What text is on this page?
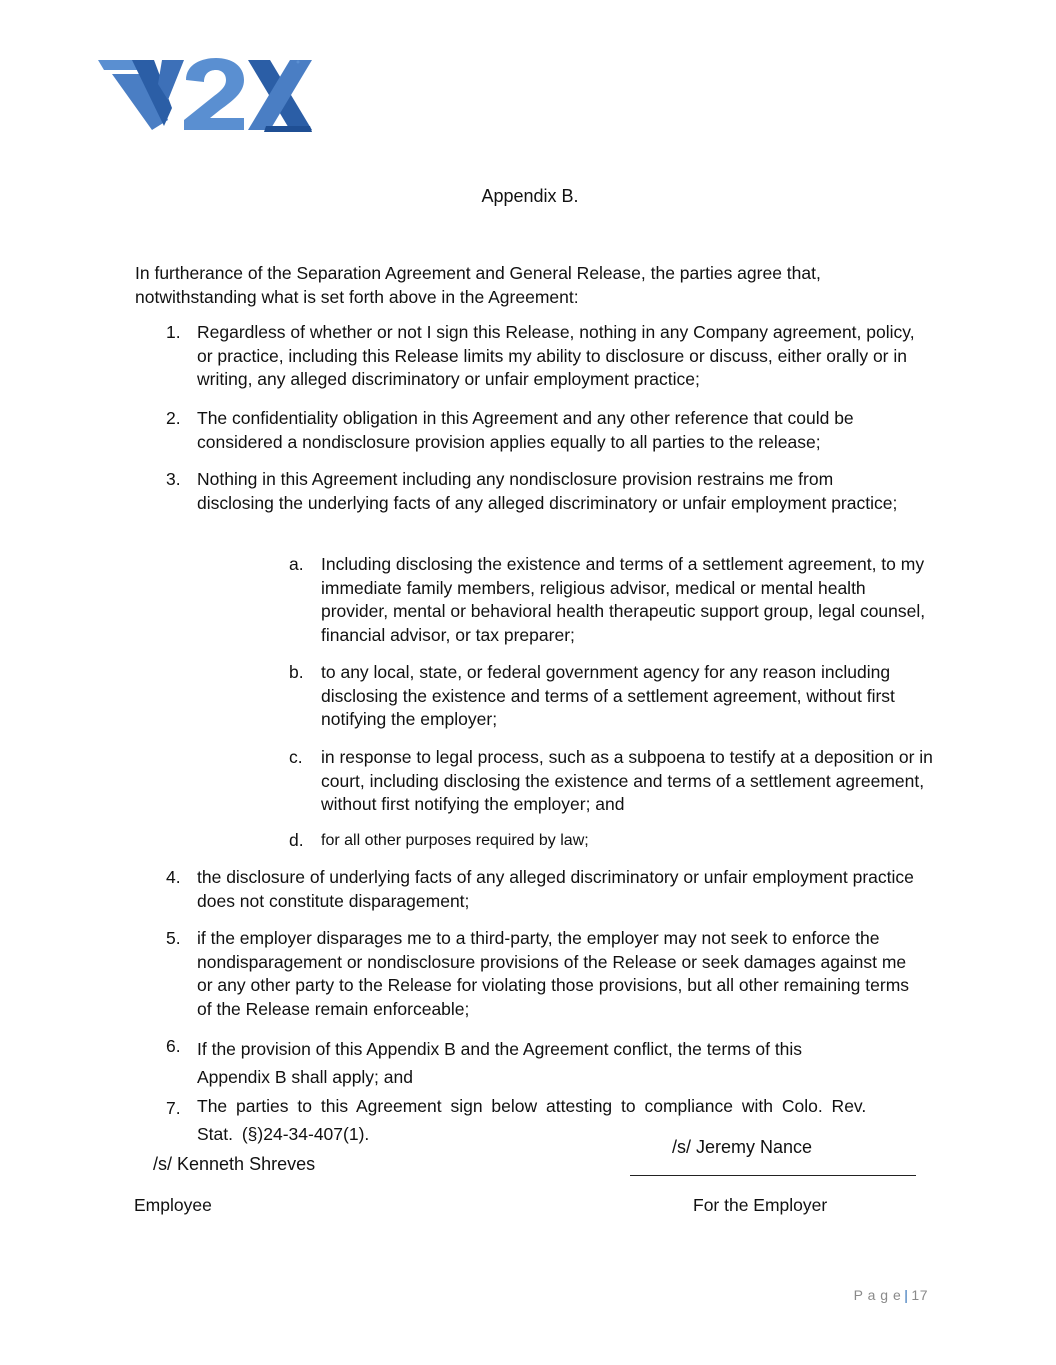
V2X
Appendix B.
In furtherance of the Separation Agreement and General Release, the parties agree that, notwithstanding what is set forth above in the Agreement:
1. Regardless of whether or not I sign this Release, nothing in any Company agreement, policy, or practice, including this Release limits my ability to disclosure or discuss, either orally or in writing, any alleged discriminatory or unfair employment practice;
2. The confidentiality obligation in this Agreement and any other reference that could be considered a nondisclosure provision applies equally to all parties to the release;
3. Nothing in this Agreement including any nondisclosure provision restrains me from disclosing the underlying facts of any alleged discriminatory or unfair employment practice;
a. Including disclosing the existence and terms of a settlement agreement, to my immediate family members, religious advisor, medical or mental health provider, mental or behavioral health therapeutic support group, legal counsel, financial advisor, or tax preparer;
b. to any local, state, or federal government agency for any reason including disclosing the existence and terms of a settlement agreement, without first notifying the employer;
c. in response to legal process, such as a subpoena to testify at a deposition or in court, including disclosing the existence and terms of a settlement agreement, without first notifying the employer; and
d. for all other purposes required by law;
4. the disclosure of underlying facts of any alleged discriminatory or unfair employment practice does not constitute disparagement;
5. if the employer disparages me to a third-party, the employer may not seek to enforce the nondisparagement or nondisclosure provisions of the Release or seek damages against me or any other party to the Release for violating those provisions, but all other remaining terms of the Release remain enforceable;
6. If the provision of this Appendix B and the Agreement conflict, the terms of this Appendix B shall apply; and
7. The parties to this Agreement sign below attesting to compliance with Colo. Rev. Stat. (§)24-34-407(1).
/s/ Kenneth Shreves
/s/ Jeremy Nance
Employee	For the Employer
P a g e | 17
